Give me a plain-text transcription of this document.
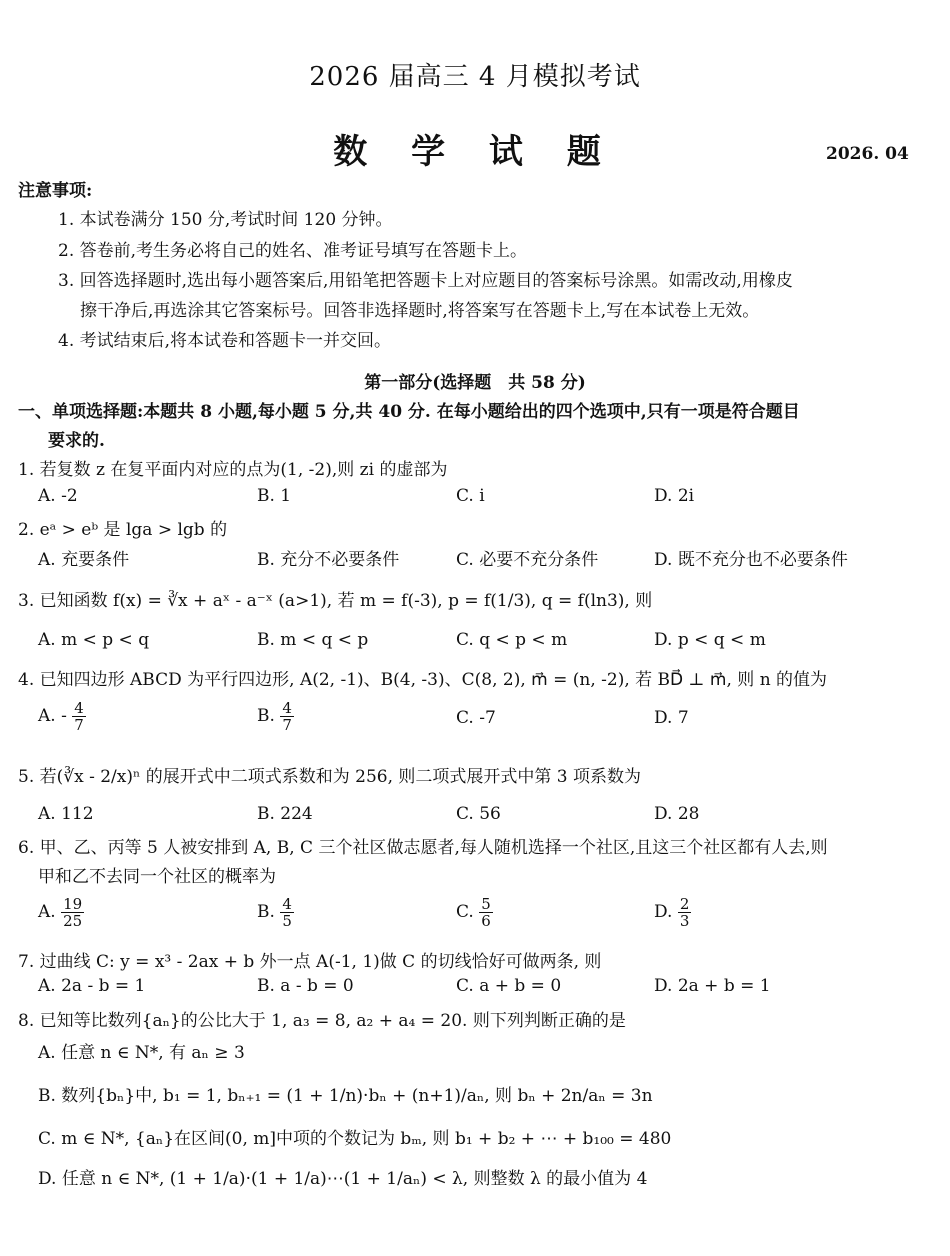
2026 届高三 4 月模拟考试
数 学 试 题	2026. 04
注意事项:
1. 本试卷满分 150 分,考试时间 120 分钟。
2. 答卷前,考生务必将自己的姓名、准考证号填写在答题卡上。
3. 回答选择题时,选出每小题答案后,用铅笔把答题卡上对应题目的答案标号涂黑。如需改动,用橡皮
擦干净后,再选涂其它答案标号。回答非选择题时,将答案写在答题卡上,写在本试卷上无效。
4. 考试结束后,将本试卷和答题卡一并交回。
第一部分(选择题　共 58 分)
一、单项选择题:本题共 8 小题,每小题 5 分,共 40 分. 在每小题给出的四个选项中,只有一项是符合题目
要求的.
1. 若复数 z 在复平面内对应的点为(1, -2),则 zi 的虚部为
A. -2	B. 1	C. i	D. 2i
2. eᵃ > eᵇ 是 lga > lgb 的
A. 充要条件	B. 充分不必要条件	C. 必要不充分条件	D. 既不充分也不必要条件
3. 已知函数 f(x) = ∛x + aˣ - a⁻ˣ (a>1), 若 m = f(-3), p = f(1/3), q = f(ln3), 则
A. m < p < q	B. m < q < p	C. q < p < m	D. p < q < m
4. 已知四边形 ABCD 为平行四边形, A(2, -1)、B(4, -3)、C(8, 2), m⃗ = (n, -2), 若 BD⃗ ⊥ m⃗, 则 n 的值为
A. - $\frac{4}{7}$	B. $\frac{4}{7}$	C. -7	D. 7
5. 若(∛x - 2/x)ⁿ 的展开式中二项式系数和为 256, 则二项式展开式中第 3 项系数为
A. 112	B. 224	C. 56	D. 28
6. 甲、乙、丙等 5 人被安排到 A, B, C 三个社区做志愿者,每人随机选择一个社区,且这三个社区都有人去,则
甲和乙不去同一个社区的概率为
A. $\frac{19}{25}$	B. $\frac{4}{5}$	C. $\frac{5}{6}$	D. $\frac{2}{3}$
7. 过曲线 C: y = x³ - 2ax + b 外一点 A(-1, 1)做 C 的切线恰好可做两条, 则
A. 2a - b = 1	B. a - b = 0	C. a + b = 0	D. 2a + b = 1
8. 已知等比数列{aₙ}的公比大于 1, a₃ = 8, a₂ + a₄ = 20. 则下列判断正确的是
A. 任意 n ∈ N*, 有 aₙ ≥ 3
B. 数列{bₙ}中, b₁ = 1, bₙ₊₁ = (1 + 1/n)·bₙ + (n+1)/aₙ, 则 bₙ + 2n/aₙ = 3n
C. m ∈ N*, {aₙ}在区间(0, m]中项的个数记为 bₘ, 则 b₁ + b₂ + ⋯ + b₁₀₀ = 480
D. 任意 n ∈ N*, (1 + 1/a)·(1 + 1/a)⋯(1 + 1/aₙ) < λ, 则整数 λ 的最小值为 4
